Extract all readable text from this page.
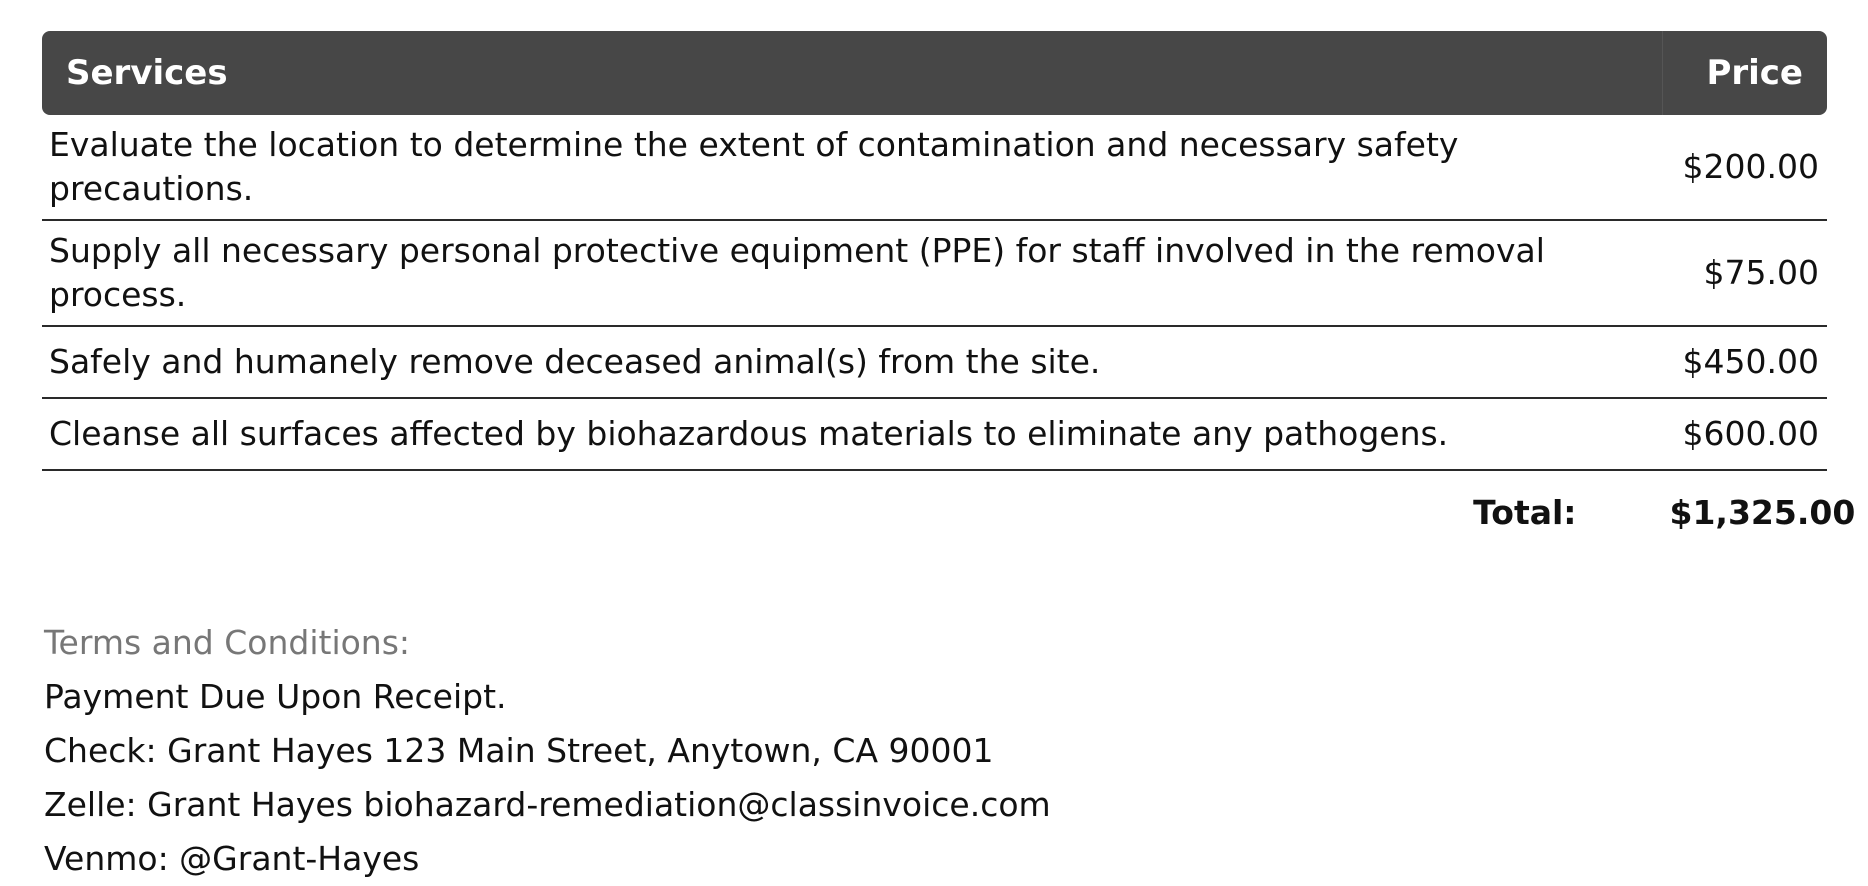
Services	Price
Evaluate the location to determine the extent of contamination and necessary safety precautions.	$200.00
Supply all necessary personal protective equipment (PPE) for staff involved in the removal process.	$75.00
Safely and humanely remove deceased animal(s) from the site.	$450.00
Cleanse all surfaces affected by biohazardous materials to eliminate any pathogens.	$600.00
Total:	$1,325.00
Terms and Conditions:
Payment Due Upon Receipt.
Check: Grant Hayes 123 Main Street, Anytown, CA 90001
Zelle: Grant Hayes biohazard-remediation@classinvoice.com
Venmo: @Grant-Hayes
